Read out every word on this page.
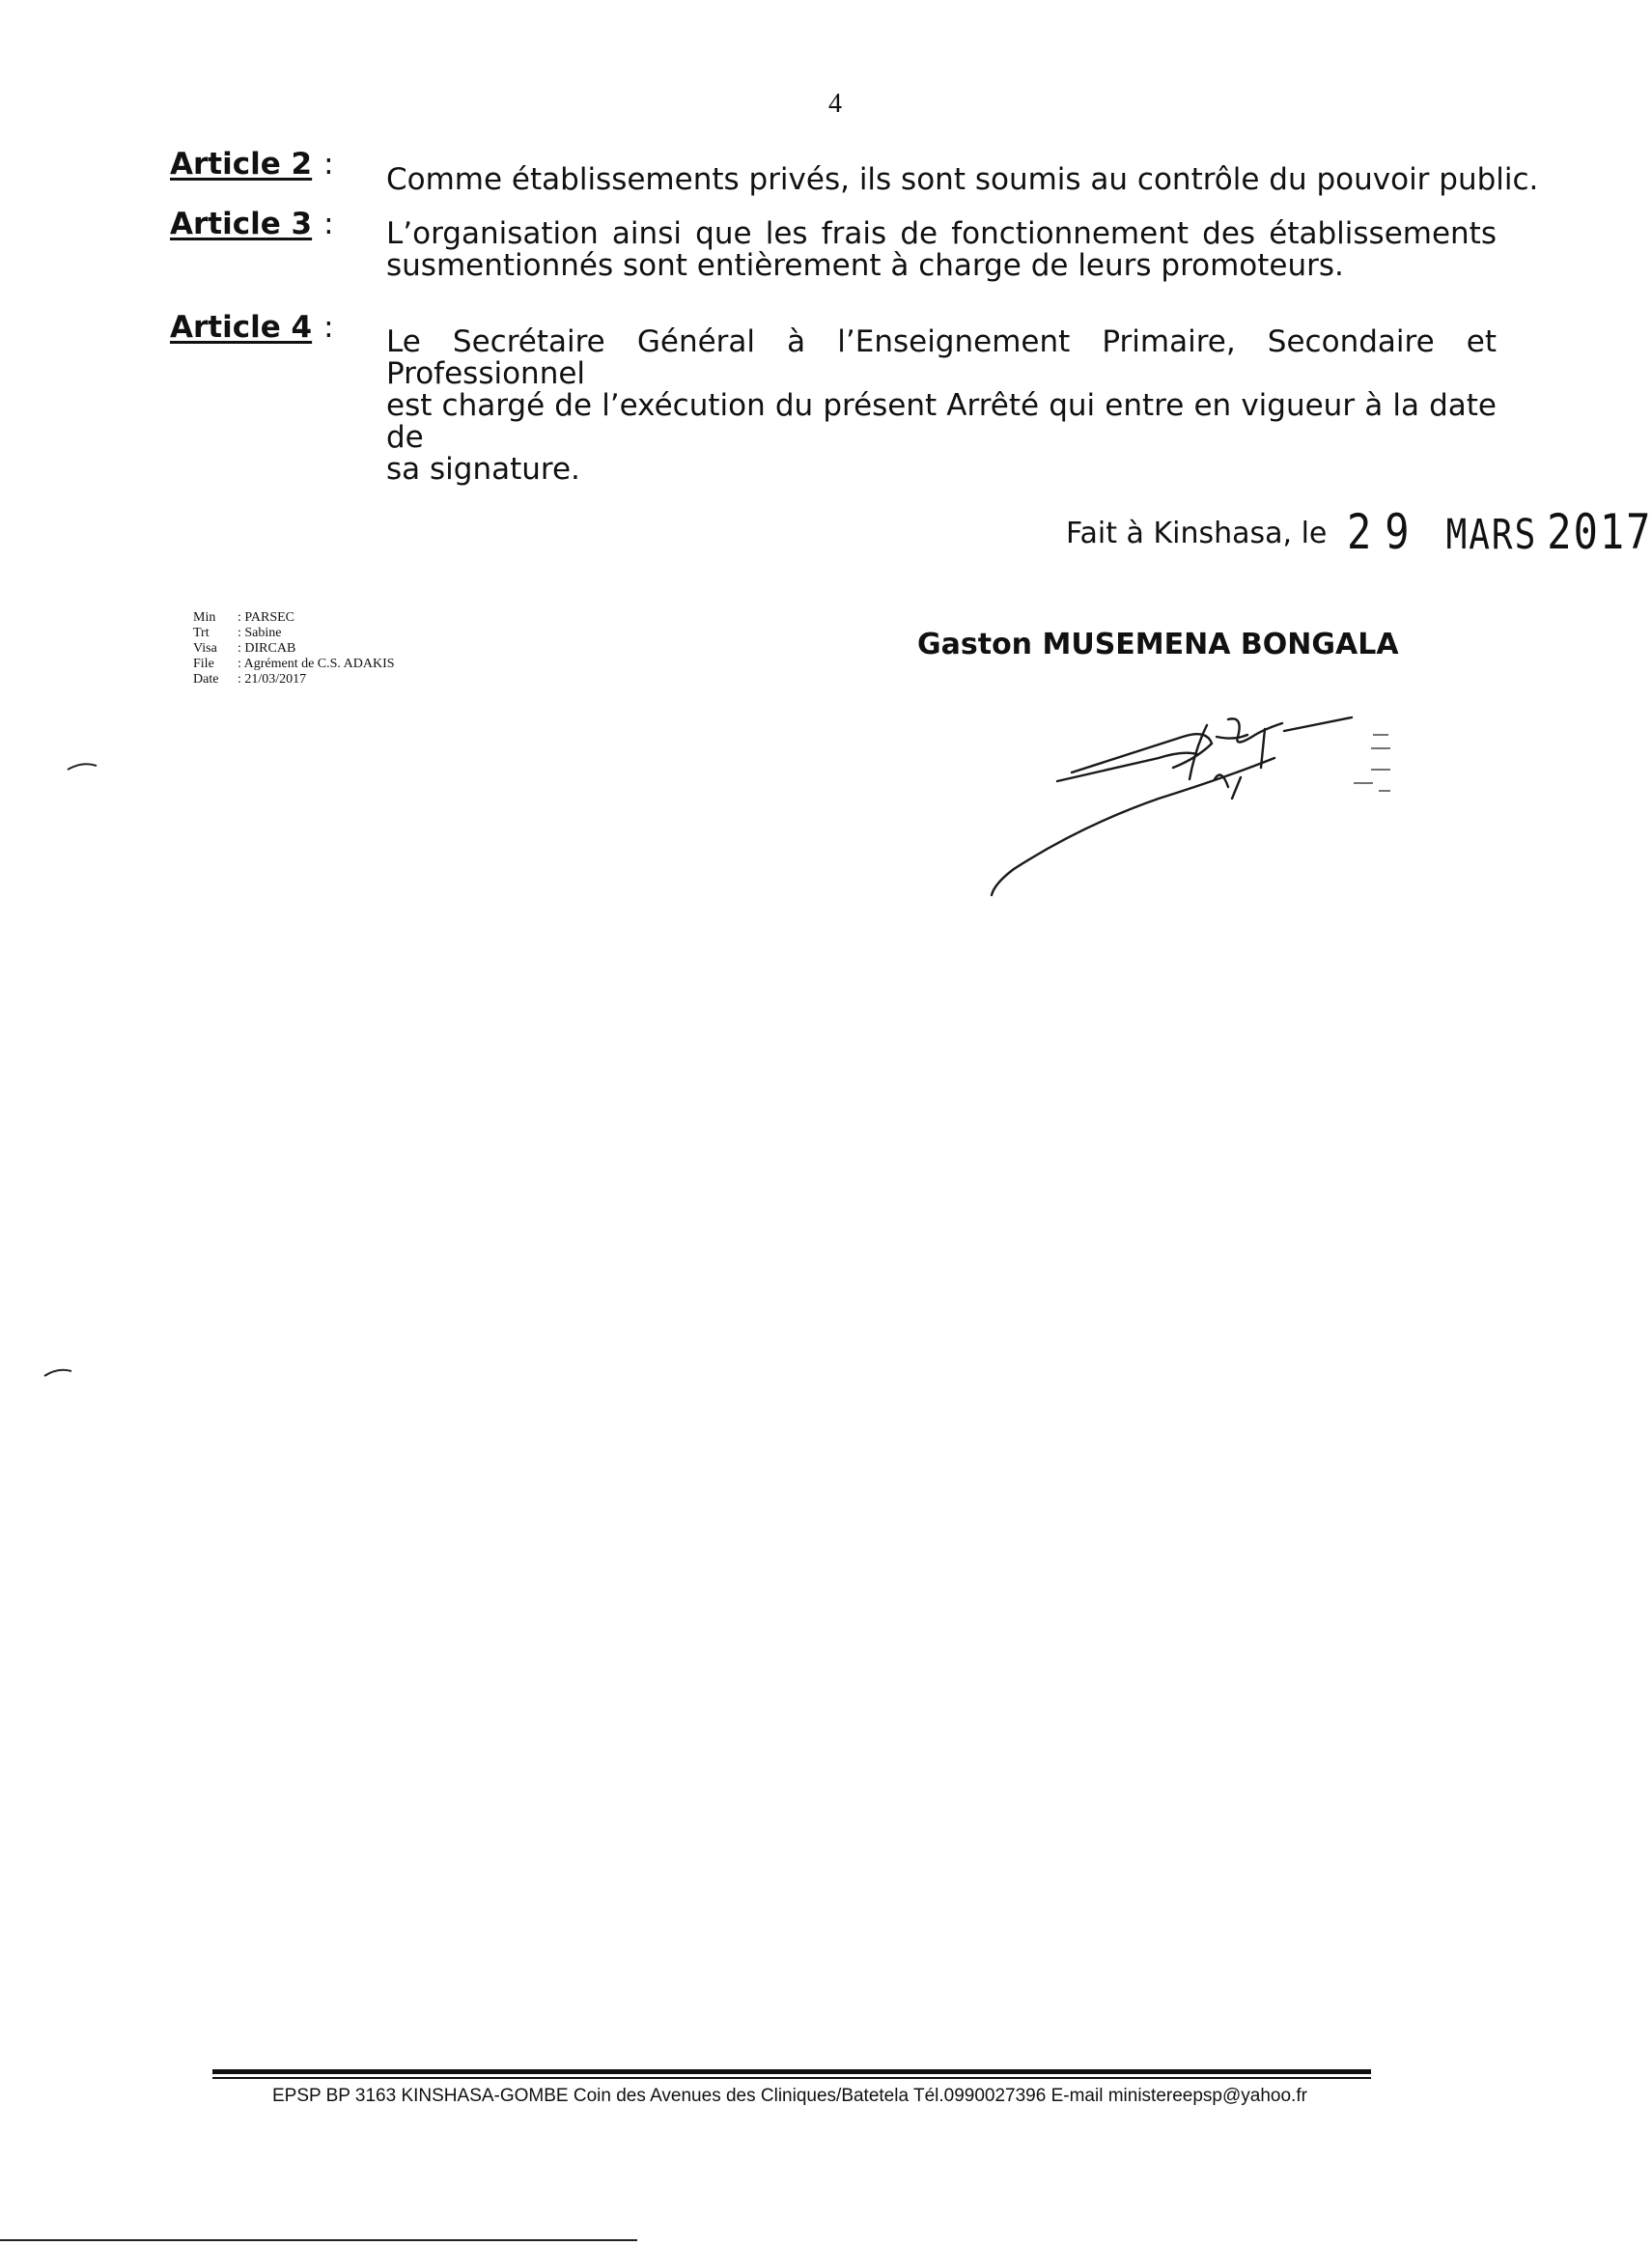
4
Article 2 : Comme établissements privés, ils sont soumis au contrôle du pouvoir public.
Article 3 : L’organisation ainsi que les frais de fonctionnement des établissements
susmentionnés sont entièrement à charge de leurs promoteurs.
Article 4 : Le Secrétaire Général à l’Enseignement Primaire, Secondaire et Professionnel
est chargé de l’exécution du présent Arrêté qui entre en vigueur à la date de
sa signature.
Fait à Kinshasa, le 29 MARS 2017
Min : PARSEC
Trt : Sabine
Visa : DIRCAB
File : Agrément de C.S. ADAKIS
Date : 21/03/2017
Gaston MUSEMENA BONGALA
EPSP BP 3163 KINSHASA-GOMBE Coin des Avenues des Cliniques/Batetela Tél.0990027396 E-mail ministereepsp@yahoo.fr
